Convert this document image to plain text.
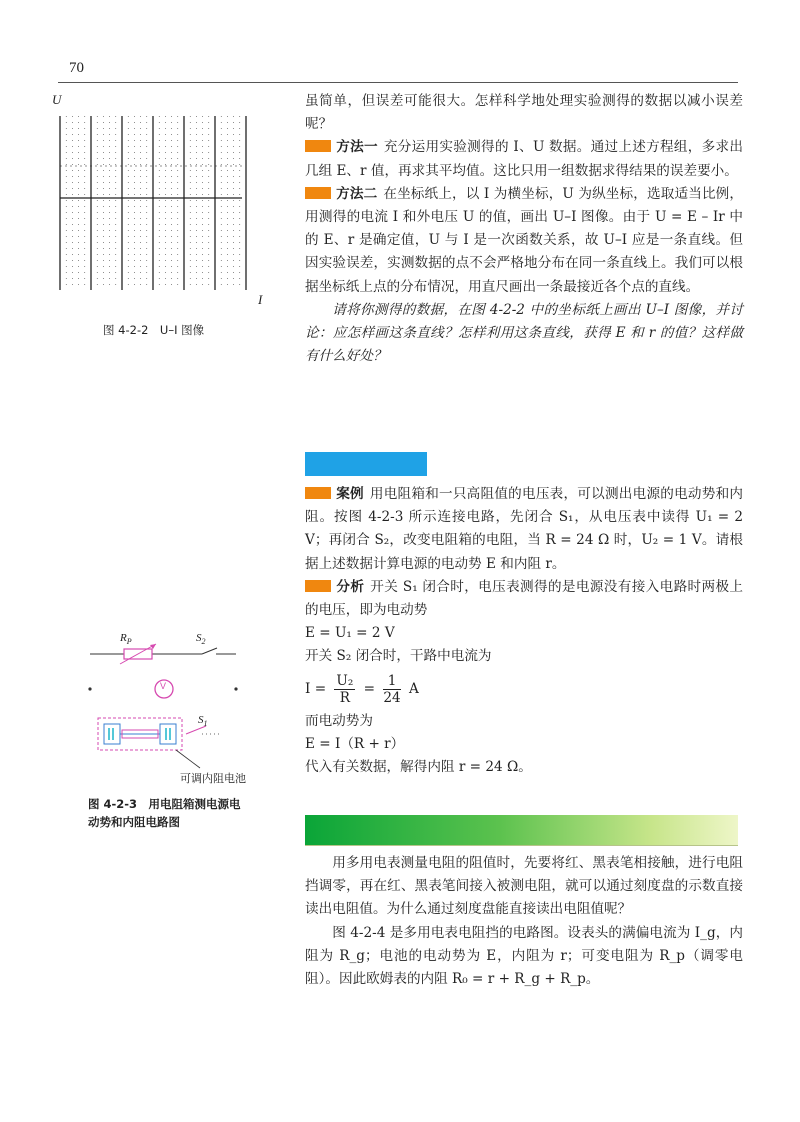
70
U
I
图 4-2-2　U–I 图像
$R_P$	$S_2$
V
$S_1$
可调内阻电池
图 4-2-3　用电阻箱测电源电
动势和内阻电路图

虽简单，但误差可能很大。怎样科学地处理实验测得的数据以减小误差呢？

方法一 充分运用实验测得的 I、U 数据。通过上述方程组，多求出几组 E、r 值，再求其平均值。这比只用一组数据求得结果的误差要小。

方法二 在坐标纸上，以 I 为横坐标，U 为纵坐标，选取适当比例，用测得的电流 I 和外电压 U 的值，画出 U–I 图像。由于 U = E – Ir 中的 E、r 是确定值，U 与 I 是一次函数关系，故 U–I 应是一条直线。但因实验误差，实测数据的点不会严格地分布在同一条直线上。我们可以根据坐标纸上点的分布情况，用直尺画出一条最接近各个点的直线。

请将你测得的数据，在图 4-2-2 中的坐标纸上画出 U–I 图像，并讨论：应怎样画这条直线？怎样利用这条直线，获得 E 和 r 的值？这样做有什么好处？

案例 用电阻箱和一只高阻值的电压表，可以测出电源的电动势和内阻。按图 4-2-3 所示连接电路，先闭合 S₁，从电压表中读得 U₁ = 2 V；再闭合 S₂，改变电阻箱的电阻，当 R = 24 Ω 时，U₂ = 1 V。请根据上述数据计算电源的电动势 E 和内阻 r。

分析 开关 S₁ 闭合时，电压表测得的是电源没有接入电路时两极上的电压，即为电动势

E = U₁ = 2 V

开关 S₂ 闭合时，干路中电流为

$I = \frac{\text{U₂}}{R} = \frac{1}{24}$ A

而电动势为

E = I（R + r）

代入有关数据，解得内阻 r = 24 Ω。

用多用电表测量电阻的阻值时，先要将红、黑表笔相接触，进行电阻挡调零，再在红、黑表笔间接入被测电阻，就可以通过刻度盘的示数直接读出电阻值。为什么通过刻度盘能直接读出电阻值呢？

图 4-2-4 是多用电表电阻挡的电路图。设表头的满偏电流为 I_g，内阻为 R_g；电池的电动势为 E，内阻为 r；可变电阻为 R_p（调零电阻）。因此欧姆表的内阻 R₀ = r + R_g + R_p。
